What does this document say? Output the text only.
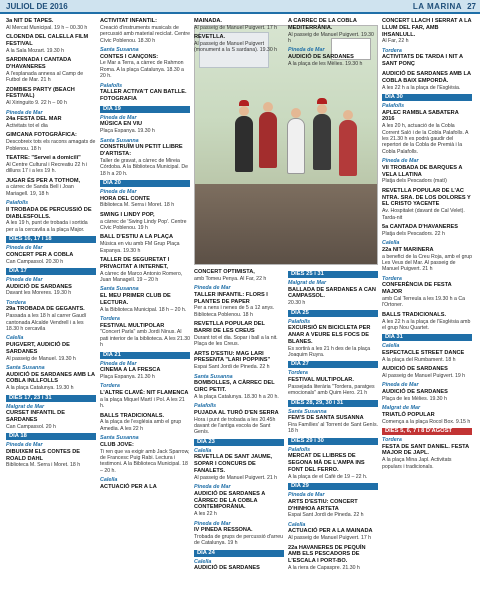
JULIOL DE 2016	LA MARINA 27
3a NIT DE TAPES.
Al Mercat Municipal. 19 h – 00.30 h
CLOENDA DEL CALELLA FILM FESTIVAL
A la Sala Mozart. 19.30 h
SARDINADA I CANTADA D'HAVANERES
A l'esplanada annexa al Camp de Futbol de Mar. 21 h
ZOMBIES PARTY (BEACH FESTIVAL)
Al Xiringuito 9. 22 h – 00 h
Pineda de Mar
24a FESTA DEL MAR
Activitats tot el dia
GIMCANA FOTOGRÀFICA:
Descobreix tots els racons amagats de Poblenou. 18 h
TEATRE: "Servei a domicili"
Al Centre Cultural i Recreatiu 22 h i dilluns 17 i a les 19 h.
JUGAR ÉS PER A TOTHOM,
a càrrec de Sanda Bell i Joan Mariagell. 19, 18 h
Palafolls
II TROBADA DE PERCUSSIÓ DE DIABLESFOLLS.
A les 19 h, punt de trobada i sortida per a la cercavila a la plaça Major.
DIES 16, 17 i 18
Pineda de Mar
CONCERT PER A COBLA
Can Campassol. 20.30 h
DIA 17
Pineda de Mar
AUDICIÓ DE SARDANES
Davant les Moreres. 19.30 h
Tordera
29a TROBADA DE GEGANTS.
Passada a les 18 h al carrer Gaudí cantonada Alcalde Vendrell i a les 18.30 h cercavila
Calella
PUIGVERT, AUDICIÓ DE SARDANES
Al passeig de Manuel. 19.30 h
Santa Susanna
AUDICIÓ DE SARDANES AMB LA COBLA INLLFOLLS
A la plaça Catalunya. 19.30 h
DIES 17, 23 i 31
Malgrat de Mar
CURSET INFANTIL DE SARDANES
Can Campassol. 20 h
DIA 18
Pineda de Mar
DIBUIXEM ELS CONTES DE ROALD DAHL
Biblioteca M. Serra i Moret. 18 h
ACTIVITAT INFANTIL:
Creació d'instruments musicals de percussió amb material reciclat. Centre Cívic Poblenou. 18.30 h
Santa Susanna
CONTES I CANÇONS:
Le Mar a Terra, a càrrec de Rahmon Roma. A la plaça Catalunya. 18.30 a 20 h.
Palafolls
TALLER ACTIVA'T CAN BATLLE. FOTOGRAFIA
DIA 19
Pineda de Mar
MÚSICA EN VIU
Plaça Espanya. 19.30 h
Santa Susanna
CONSTRUÏM UN PETIT LLIBRE D'ARTISTA:
Taller de gravat, a càrrec de Mireia Córdoba. A la Biblioteca Municipal. De 18 h a 20 h.
DIA 20
Pineda de Mar
HORA DEL CONTE
Biblioteca M. Serra i Moret. 18 h
SWING I LINDY POP,
a càrrec de 'Swing Lindy Pop'. Centre Cívic Poblenou. 19 h
BALL D'ESTIU A LA PLAÇA
Música en viu amb FM Grup Plaça Espanya. 19.30 h
TALLER DE SEGURETAT I PRIVACITAT A INTERNET,
A càrrec de Marco Antonio Romero, Juan Managell. 19 – 20 h
Santa Susanna
EL MEU PRIMER CLUB DE LECTURA.
A la Biblioteca Municipal. 18 h – 20 h.
Tordera
FESTIVAL MULTIPOLAR
"Concert Parla" amb Jordi Ninus. Al pati interior de la biblioteca. A les 21.30 h
DIA 21
Pineda de Mar
CINEMA A LA FRESCA
Plaça Espanya. 21.30 h
Tordera
L'ALTRE CLAVÉ: NIT FLAMENCA
a la plaça Miquel Martí i Pol. A les 21 h.
BALLS TRADICIONALS.
A la plaça de l'església amb el grup Amedia. A les 22 h
Santa Susanna
CLUB JOVE:
Ti ren que va exigir amb Jack Sparrow, de Francesc Puig Rabi. Lectura i testimoni. A la Biblioteca Municipal. 18 – 20 h.
Calella
ACTUACIÓ PER A LA
MAINADA.
Al passeig de Manuel Puigvert. 17 h
REVETLLA.
Al passeig de Manuel Puigvert (monument a la S sardana). 19.30 h
A CÀRREC DE LA COBLA MEDITERRÀNIA.
Al passeig de Manuel Puigvert. 19.30 h
Pineda de Mar
AUDICIÓ DE SARDANES
A la plaça de les Mèlies. 19.30 h
CONCERT OPTIMISTA,
amb Tomeu Penya. Al Far, 22 h
Pineda de Mar
TALLER INFANTIL: FLORS I PLANTES DE PAPER
Per a nens i nenes de 5 a 12 anys. Biblioteca Poblenou. 18 h
REVETLLA POPULAR DEL BARRI DE LES CREUS
Durant tot el dia. Sopar i ball a la nit. Plaça de les Creus.
ARTS D'ESTIU: MAG LARI PRESENTA "LARI POPPINS"
Espai Sant Jordi de Pineda. 22 h
Santa Susanna
BOMBOLLES, A CÀRREC DEL CIRC PETIT.
A la plaça Catalunya. 18.30 h a 20 h.
Palafolls
PUJADA AL TURÓ D'EN SERRA
Hora i punt de trobada a les 20.45h davant de l'antiga escola de Sant Genís.
DIA 23
Calella
REVETLLA DE SANT JAUME, SOPAR I CONCURS DE FANALETS.
Al passeig de Manuel Puigvert. 21 h
Pineda de Mar
AUDICIÓ DE SARDANES A CÀRREC DE LA COBLA CONTEMPORÀNIA.
A les 22 h
Pineda de Mar
IV PINEDA RESSONA.
Trobada de grups de percussió d'arreu de Catalunya. 19 h
DIA 24
Calella
AUDICIÓ DE SARDANES
DIES 25 i 31
Malgrat de Mar
BALLADA DE SARDANES A CAN CAMPASSOL.
20.30 h
DIA 25
Palafolls
EXCURSIÓ EN BICICLETA PER ANAR A VEURE ELS FOCS DE BLANES.
Es sortirà a les 21 h des de la plaça Joaquim Ruyra.
DIA 27
Tordera
FESTIVAL MULTIPOLAR.
Passejada literària "Tordera, paratges emocionals" amb Quim Hero. 21 h
DIES 28, 29, 30 i 31
Santa Susanna
FEM'S DE SANTA SUSANNA
Fira Famílies' al Torrent de Sant Genís. 18 h
DIES 29 i 30
Palafolls
MERCAT DE LLIBRES DE SEGONA MÀ DE L'AMPA INS FONT DEL FERRO.
A la plaça de el Cafè de 19 – 22 h.
DIA 29
Pineda de Mar
ARTS D'ESTIU: CONCERT D'HINHOA ARTETA
Espai Sant Jordi de Pineda. 22 h
Calella
ACTUACIÓ PER A LA MAINADA
Al passeig de Manuel Puigvert. 17 h
22a HAVANERES DE PEQUÍN AMB ELS PESCADORS DE L'ESCALA I PORT-BO.
A la riera de Capaspre. 21.30 h
CONCERT LLACH I SERRAT A LA LLUM DEL FAR, AMB IHSANLULL.
Al Far, 22 h
Tordera
ACTIVITATS DE TARDA I NIT A SANT PONÇ
AUDICIÓ DE SARDANES AMB LA COBLA BAIX EMPORDÀ.
A les 22 h a la plaça de l'Església.
DIA 30
Palafolls
APLEC RAMBLA SABATERA 2016
A les 20 h, actuació de la Cobla Corrent Saló i de la Cobla Palafolls. A les 21.30 h es podrà gaudir del repertori de la Cobla de Premià i la Cobla Palafolls.
Pineda de Mar
VII TROBADA DE BARQUES A VELA LLATINA
Platja dels Pescadors (matí)
REVETLLA POPULAR DE L'AC NTRA. SRA. DE LOS DOLORES Y EL CRISTO YACENTE
Av. Hospitalet (davant de Cal Velet). Tarda-nit
5a CANTADA D'HAVANERES
Platja dels Pescadors. 22 h
Calella
22a NIT MARINERA
a benefici de la Creu Roja, amb el grup Les Veus del Mar. Al passeig de Manuel Puigvert. 21 h
Tordera
CONFERÈNCIA DE FESTA MAJOR
amb Cal Terreula a les 19.30 h a Ca l'Ortoner.
BALLS TRADICIONALS.
A les 22 h a la plaça de l'Església amb el grup Nou Quartet.
DIA 31
Calella
ESPECTACLE STREET DANCE
A la plaça del Rumbament. 18 h
AUDICIÓ DE SARDANES
Al passeig de Manuel Puigvert. 19 h
Pineda de Mar
AUDICIÓ DE SARDANES
Plaça de les Mèlies. 19.30 h
Malgrat de Mar
TRIATLÓ POPULAR
Comença a la plaça Rocol Box. 9.15 h
DIES 5, 6, 7 i 8 D'AGOST
Tordera
FESTA DE SANT DANIEL. FESTA MAJOR DE JAPL.
A la plaça Mina Japl. Activitats populars i tradicionals.
